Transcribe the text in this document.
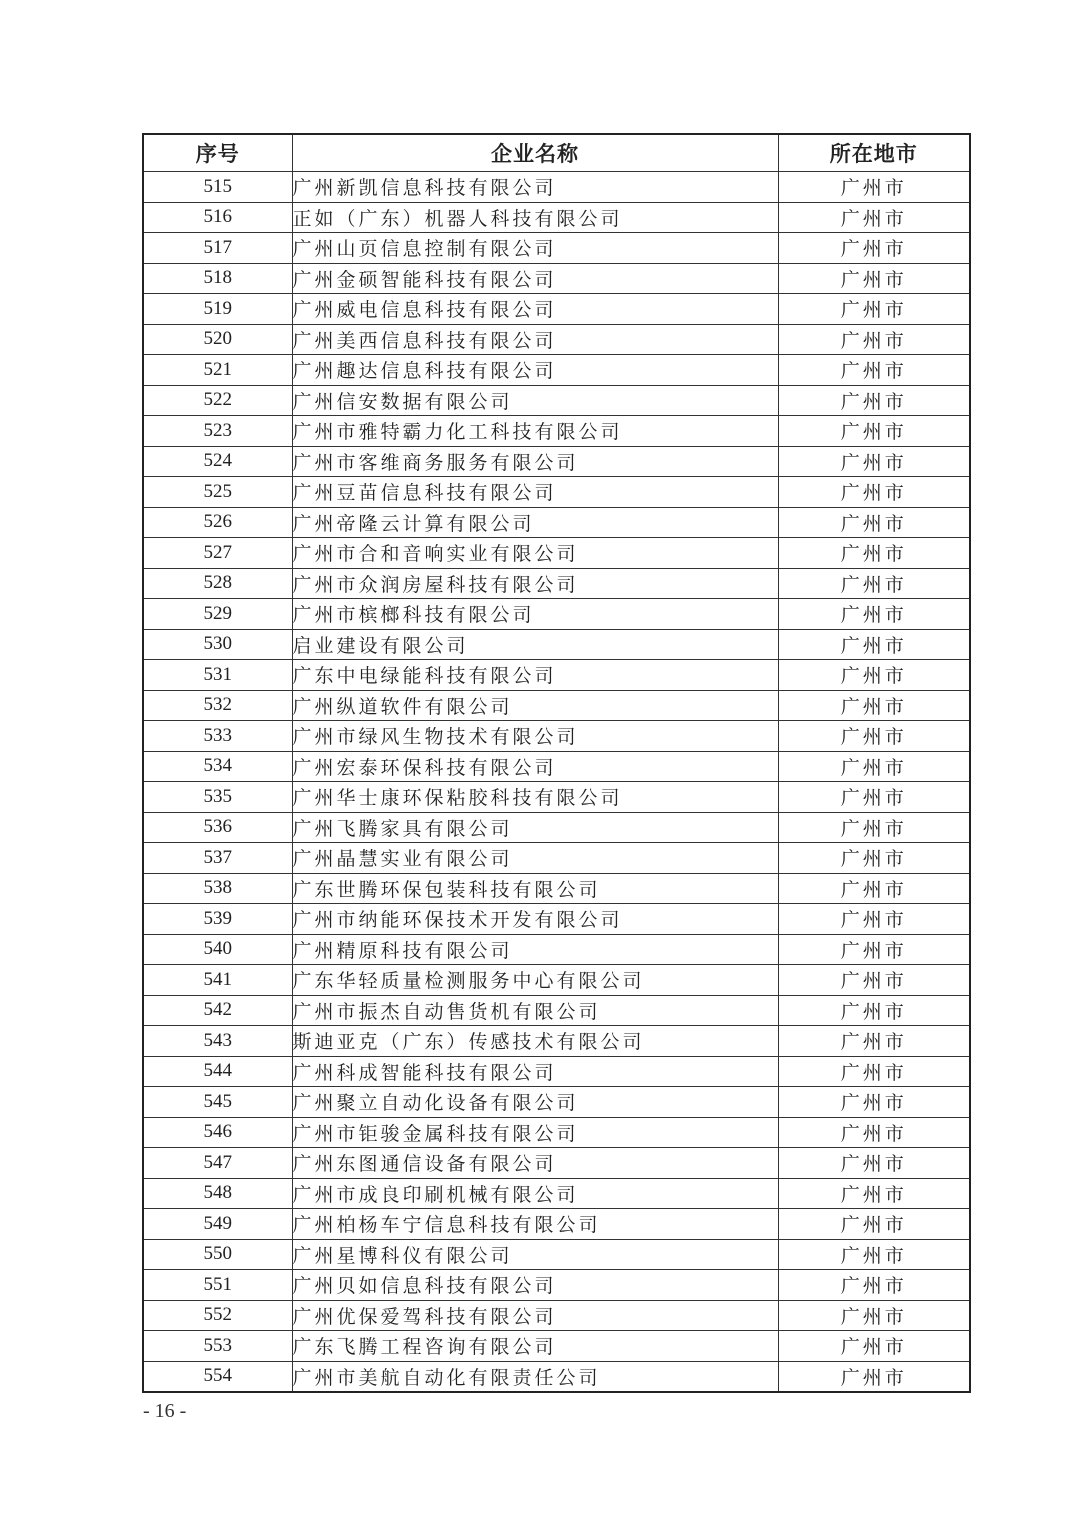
序号	企业名称	所在地市
515	广州新凯信息科技有限公司	广州市
516	正如（广东）机器人科技有限公司	广州市
517	广州山页信息控制有限公司	广州市
518	广州金硕智能科技有限公司	广州市
519	广州威电信息科技有限公司	广州市
520	广州美西信息科技有限公司	广州市
521	广州趣达信息科技有限公司	广州市
522	广州信安数据有限公司	广州市
523	广州市雅特霸力化工科技有限公司	广州市
524	广州市客维商务服务有限公司	广州市
525	广州豆苗信息科技有限公司	广州市
526	广州帝隆云计算有限公司	广州市
527	广州市合和音响实业有限公司	广州市
528	广州市众润房屋科技有限公司	广州市
529	广州市槟榔科技有限公司	广州市
530	启业建设有限公司	广州市
531	广东中电绿能科技有限公司	广州市
532	广州纵道软件有限公司	广州市
533	广州市绿风生物技术有限公司	广州市
534	广州宏泰环保科技有限公司	广州市
535	广州华士康环保粘胶科技有限公司	广州市
536	广州飞腾家具有限公司	广州市
537	广州晶慧实业有限公司	广州市
538	广东世腾环保包装科技有限公司	广州市
539	广州市纳能环保技术开发有限公司	广州市
540	广州精原科技有限公司	广州市
541	广东华轻质量检测服务中心有限公司	广州市
542	广州市振杰自动售货机有限公司	广州市
543	斯迪亚克（广东）传感技术有限公司	广州市
544	广州科成智能科技有限公司	广州市
545	广州聚立自动化设备有限公司	广州市
546	广州市钜骏金属科技有限公司	广州市
547	广州东图通信设备有限公司	广州市
548	广州市成良印刷机械有限公司	广州市
549	广州柏杨车宁信息科技有限公司	广州市
550	广州星博科仪有限公司	广州市
551	广州贝如信息科技有限公司	广州市
552	广州优保爱驾科技有限公司	广州市
553	广东飞腾工程咨询有限公司	广州市
554	广州市美航自动化有限责任公司	广州市
- 16 -
